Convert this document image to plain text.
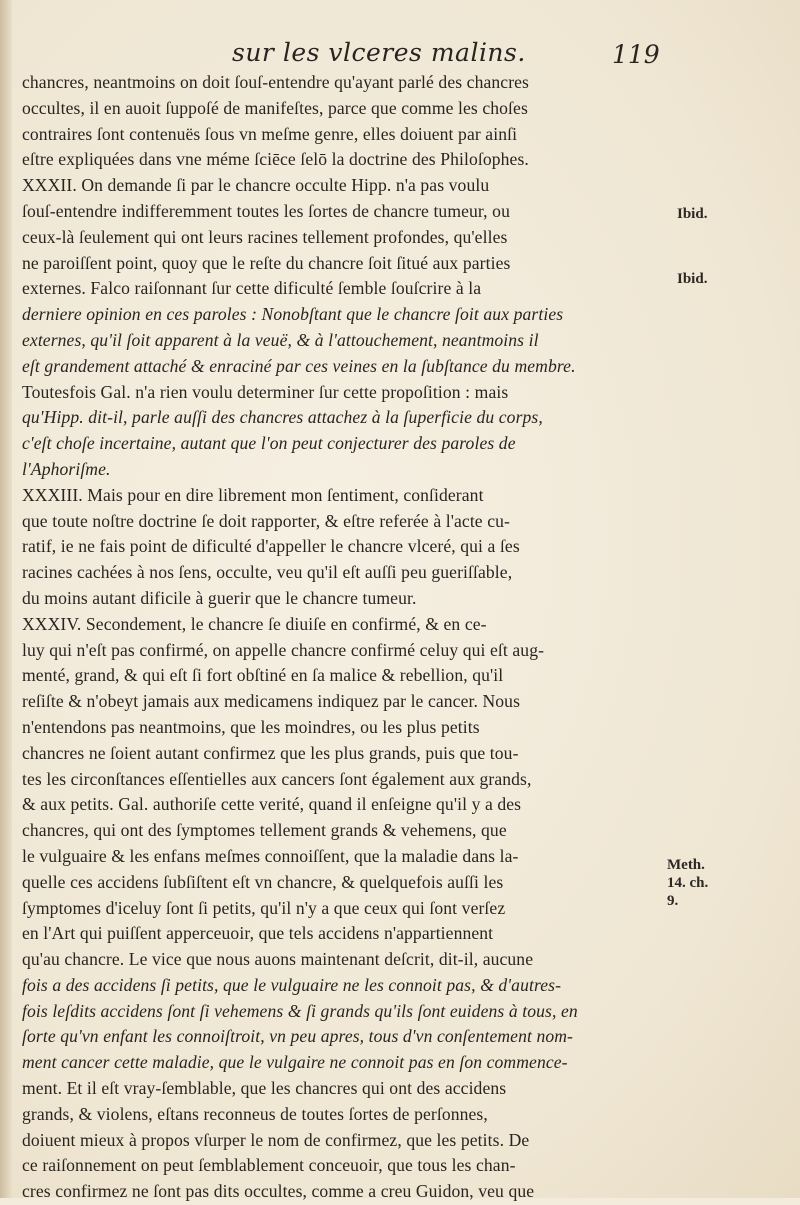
sur les vlceres malins.	119
chancres, neantmoins on doit ſouſ-entendre qu'ayant parlé des chancres
occultes, il en auoit ſuppoſé de manifeſtes, parce que comme les choſes
contraires ſont contenuës ſous vn meſme genre, elles doiuent par ainſi
eſtre expliquées dans vne méme ſciēce ſelō la doctrine des Philoſophes.
XXXII. On demande ſi par le chancre occulte Hipp. n'a pas voulu
ſouſ-entendre indifferemment toutes les ſortes de chancre tumeur, ou
ceux-là ſeulement qui ont leurs racines tellement profondes, qu'elles
ne paroiſſent point, quoy que le reſte du chancre ſoit ſitué aux parties
externes. Falco raiſonnant ſur cette dificulté ſemble ſouſcrire à la
derniere opinion en ces paroles : Nonobſtant que le chancre ſoit aux parties
externes, qu'il ſoit apparent à la veuë, & à l'attouchement, neantmoins il
eſt grandement attaché & enraciné par ces veines en la ſubſtance du membre.
Toutesfois Gal. n'a rien voulu determiner ſur cette propoſition : mais
qu'Hipp. dit-il, parle auſſi des chancres attachez à la ſuperficie du corps,
c'eſt choſe incertaine, autant que l'on peut conjecturer des paroles de
l'Aphoriſme.
XXXIII. Mais pour en dire librement mon ſentiment, conſiderant
que toute noſtre doctrine ſe doit rapporter, & eſtre referée à l'acte cu-
ratif, ie ne fais point de dificulté d'appeller le chancre vlceré, qui a ſes
racines cachées à nos ſens, occulte, veu qu'il eſt auſſi peu gueriſſable,
du moins autant dificile à guerir que le chancre tumeur.
XXXIV. Secondement, le chancre ſe diuiſe en confirmé, & en ce-
luy qui n'eſt pas confirmé, on appelle chancre confirmé celuy qui eſt aug-
menté, grand, & qui eſt ſi fort obſtiné en ſa malice & rebellion, qu'il
reſiſte & n'obeyt jamais aux medicamens indiquez par le cancer. Nous
n'entendons pas neantmoins, que les moindres, ou les plus petits
chancres ne ſoient autant confirmez que les plus grands, puis que tou-
tes les circonſtances eſſentielles aux cancers ſont également aux grands,
& aux petits. Gal. authoriſe cette verité, quand il enſeigne qu'il y a des
chancres, qui ont des ſymptomes tellement grands & vehemens, que
le vulguaire & les enfans meſmes connoiſſent, que la maladie dans la-
quelle ces accidens ſubſiſtent eſt vn chancre, & quelquefois auſſi les
ſymptomes d'iceluy ſont ſi petits, qu'il n'y a que ceux qui ſont verſez
en l'Art qui puiſſent apperceuoir, que tels accidens n'appartiennent
qu'au chancre. Le vice que nous auons maintenant deſcrit, dit-il, aucune
fois a des accidens ſi petits, que le vulguaire ne les connoit pas, & d'autres-
fois leſdits accidens ſont ſi vehemens & ſi grands qu'ils ſont euidens à tous, en
ſorte qu'vn enfant les connoiſtroit, vn peu apres, tous d'vn conſentement nom-
ment cancer cette maladie, que le vulgaire ne connoit pas en ſon commence-
ment. Et il eſt vray-ſemblable, que les chancres qui ont des accidens
grands, & violens, eſtans reconneus de toutes ſortes de perſonnes,
doiuent mieux à propos vſurper le nom de confirmez, que les petits. De
ce raiſonnement on peut ſemblablement conceuoir, que tous les chan-
cres confirmez ne ſont pas dits occultes, comme a creu Guidon, veu que
Ibid.
Ibid.
Meth. 14. ch. 9.
